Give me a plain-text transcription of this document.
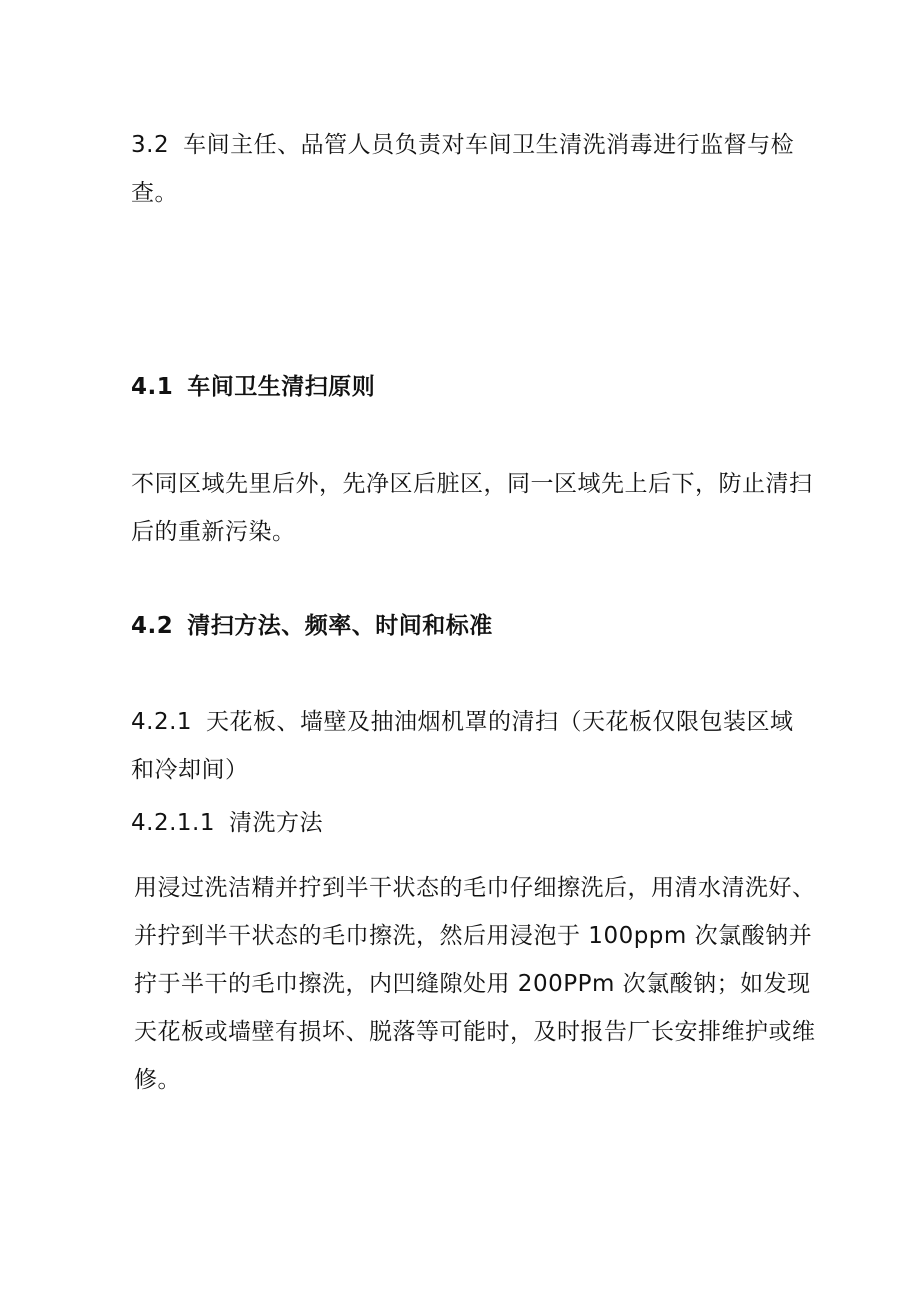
3.2 车间主任、品管人员负责对车间卫生清洗消毒进行监督与检
查。
4.1 车间卫生清扫原则
不同区域先里后外，先净区后脏区，同一区域先上后下，防止清扫
后的重新污染。
4.2 清扫方法、频率、时间和标准
4.2.1 天花板、墙壁及抽油烟机罩的清扫（天花板仅限包装区域
和冷却间）
4.2.1.1 清洗方法
用浸过洗洁精并拧到半干状态的毛巾仔细擦洗后，用清水清洗好、
并拧到半干状态的毛巾擦洗，然后用浸泡于 100ppm 次氯酸钠并
拧于半干的毛巾擦洗，内凹缝隙处用 200PPm 次氯酸钠；如发现
天花板或墙壁有损坏、脱落等可能时，及时报告厂长安排维护或维
修。
